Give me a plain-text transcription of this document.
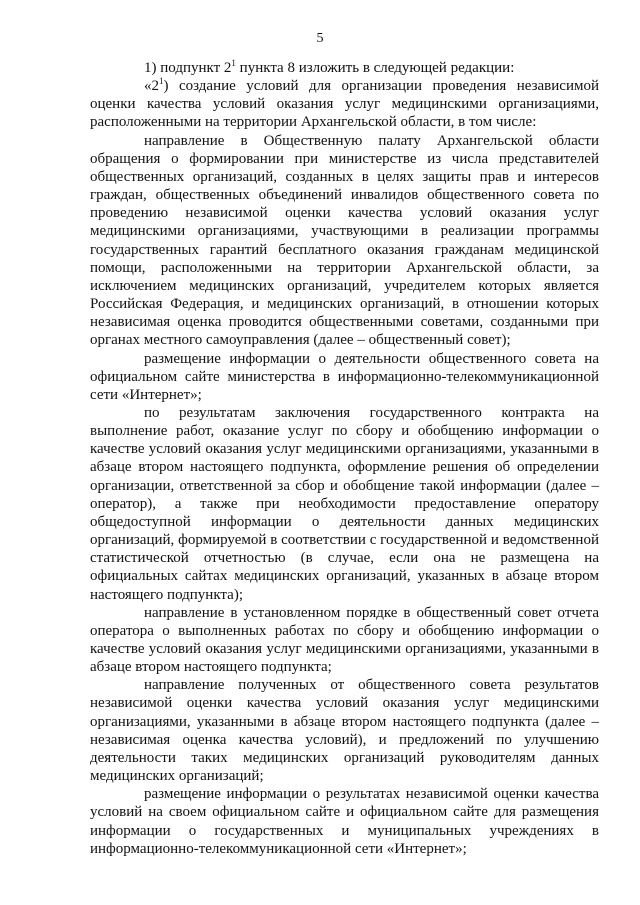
5

1) подпункт $2^1$ пункта 8 изложить в следующей редакции:

«$2^1$) создание условий для организации проведения независимой оценки качества условий оказания услуг медицинскими организациями, расположенными на территории Архангельской области, в том числе:

направление в Общественную палату Архангельской области обращения о формировании при министерстве из числа представителей общественных организаций, созданных в целях защиты прав и интересов граждан, общественных объединений инвалидов общественного совета по проведению независимой оценки качества условий оказания услуг медицинскими организациями, участвующими в реализации программы государственных гарантий бесплатного оказания гражданам медицинской помощи, расположенными на территории Архангельской области, за исключением медицинских организаций, учредителем которых является Российская Федерация, и медицинских организаций, в отношении которых независимая оценка проводится общественными советами, созданными при органах местного самоуправления (далее – общественный совет);

размещение информации о деятельности общественного совета на официальном сайте министерства в информационно-телекоммуникационной сети «Интернет»;

по результатам заключения государственного контракта на выполнение работ, оказание услуг по сбору и обобщению информации о качестве условий оказания услуг медицинскими организациями, указанными в абзаце втором настоящего подпункта, оформление решения об определении организации, ответственной за сбор и обобщение такой информации (далее – оператор), а также при необходимости предоставление оператору общедоступной информации о деятельности данных медицинских организаций, формируемой в соответствии с государственной и ведомственной статистической отчетностью (в случае, если она не размещена на официальных сайтах медицинских организаций, указанных в абзаце втором настоящего подпункта);

направление в установленном порядке в общественный совет отчета оператора о выполненных работах по сбору и обобщению информации о качестве условий оказания услуг медицинскими организациями, указанными в абзаце втором настоящего подпункта;

направление полученных от общественного совета результатов независимой оценки качества условий оказания услуг медицинскими организациями, указанными в абзаце втором настоящего подпункта (далее – независимая оценка качества условий), и предложений по улучшению деятельности таких медицинских организаций руководителям данных медицинских организаций;

размещение информации о результатах независимой оценки качества условий на своем официальном сайте и официальном сайте для размещения информации о государственных и муниципальных учреждениях в информационно-телекоммуникационной сети «Интернет»;
